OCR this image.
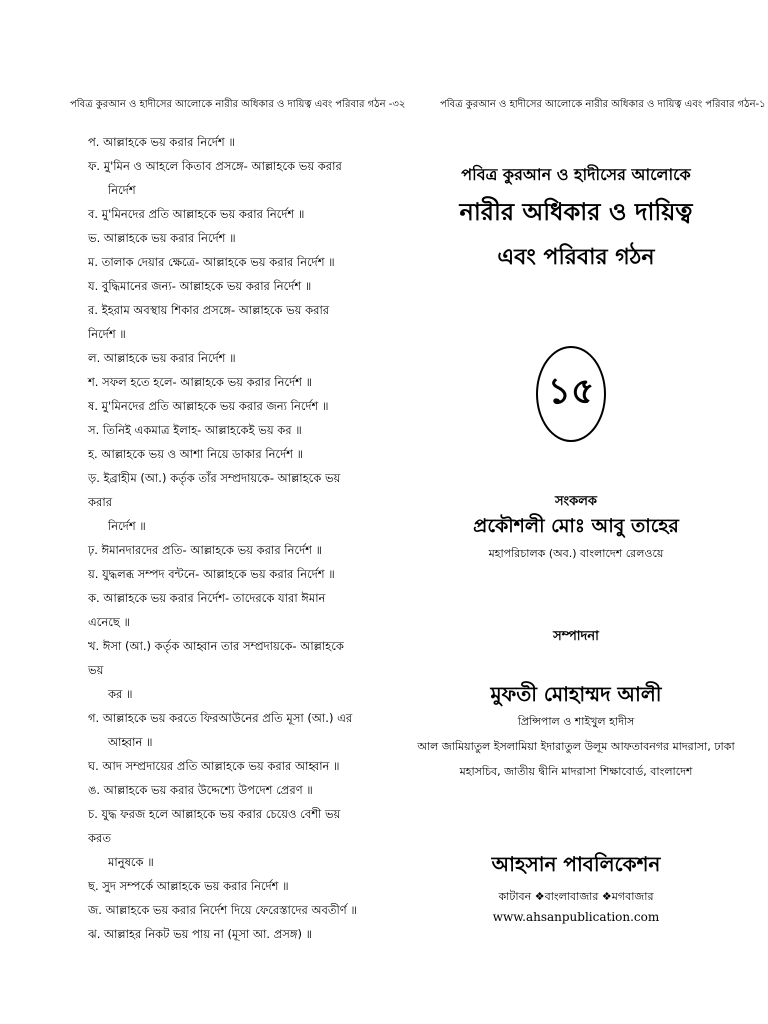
পবিত্র কুরআন ও হাদীসের আলোকে নারীর অধিকার ও দায়িত্ব এবং পরিবার গঠন -৩২
প. আল্লাহকে ভয় করার নির্দেশ ॥
ফ. মু'মিন ও আহলে কিতাব প্রসঙ্গে- আল্লাহকে ভয় করার
নির্দেশ
ব. মু'মিনদের প্রতি আল্লাহকে ভয় করার নির্দেশ ॥
ভ. আল্লাহকে ভয় করার নির্দেশ ॥
ম. তালাক দেয়ার ক্ষেত্রে- আল্লাহকে ভয় করার নির্দেশ ॥
য. বুদ্ধিমানের জন্য- আল্লাহকে ভয় করার নির্দেশ ॥
র. ইহরাম অবস্থায় শিকার প্রসঙ্গে- আল্লাহকে ভয় করার নির্দেশ ॥
ল. আল্লাহকে ভয় করার নির্দেশ ॥
শ. সফল হতে হলে- আল্লাহকে ভয় করার নির্দেশ ॥
ষ. মু'মিনদের প্রতি আল্লাহকে ভয় করার জন্য নির্দেশ ॥
স. তিনিই একমাত্র ইলাহ- আল্লাহকেই ভয় কর ॥
হ. আল্লাহকে ভয় ও আশা নিয়ে ডাকার নির্দেশ ॥
ড়. ইব্রাহীম (আ.) কর্তৃক তাঁর সম্প্রদায়কে- আল্লাহকে ভয় করার
নির্দেশ ॥
ঢ়. ঈমানদারদের প্রতি- আল্লাহকে ভয় করার নির্দেশ ॥
য়. যুদ্ধলব্ধ সম্পদ বন্টনে- আল্লাহকে ভয় করার নির্দেশ ॥
ক. আল্লাহকে ভয় করার নির্দেশ- তাদেরকে যারা ঈমান এনেছে ॥
খ. ঈসা (আ.) কর্তৃক আহ্বান তার সম্প্রদায়কে- আল্লাহকে ভয়
কর ॥
গ. আল্লাহকে ভয় করতে ফিরআউনের প্রতি মূসা (আ.) এর
আহ্বান ॥
ঘ. আদ সম্প্রদায়ের প্রতি আল্লাহকে ভয় করার আহ্বান ॥
ঙ. আল্লাহকে ভয় করার উদ্দেশ্যে উপদেশ প্রেরণ ॥
চ. যুদ্ধ ফরজ হলে আল্লাহকে ভয় করার চেয়েও বেশী ভয় করত
মানুষকে ॥
ছ. সুদ সম্পর্কে আল্লাহকে ভয় করার নির্দেশ ॥
জ. আল্লাহকে ভয় করার নির্দেশ দিয়ে ফেরেস্তাদের অবতীর্ণ ॥
ঝ. আল্লাহর নিকট ভয় পায় না (মূসা আ. প্রসঙ্গ) ॥
পবিত্র কুরআন ও হাদীসের আলোকে নারীর অধিকার ও দায়িত্ব এবং পরিবার গঠন-১
পবিত্র কুরআন ও হাদীসের আলোকে
নারীর অধিকার ও দায়িত্ব
এবং পরিবার গঠন
১৫
সংকলক
প্রকৌশলী মোঃ আবু তাহের
মহাপরিচালক (অব.) বাংলাদেশ রেলওয়ে
সম্পাদনা
মুফতী মোহাম্মদ আলী
প্রিন্সিপাল ও শাইখুল হাদীস
আল জামিয়াতুল ইসলামিয়া ইদারাতুল উলূম আফতাবনগর মাদরাসা, ঢাকা
মহাসচিব, জাতীয় দ্বীনি মাদরাসা শিক্ষাবোর্ড, বাংলাদেশ
আহসান পাবলিকেশন
কাটাবন ❖বাংলাবাজার ❖মগবাজার
www.ahsanpublication.com
